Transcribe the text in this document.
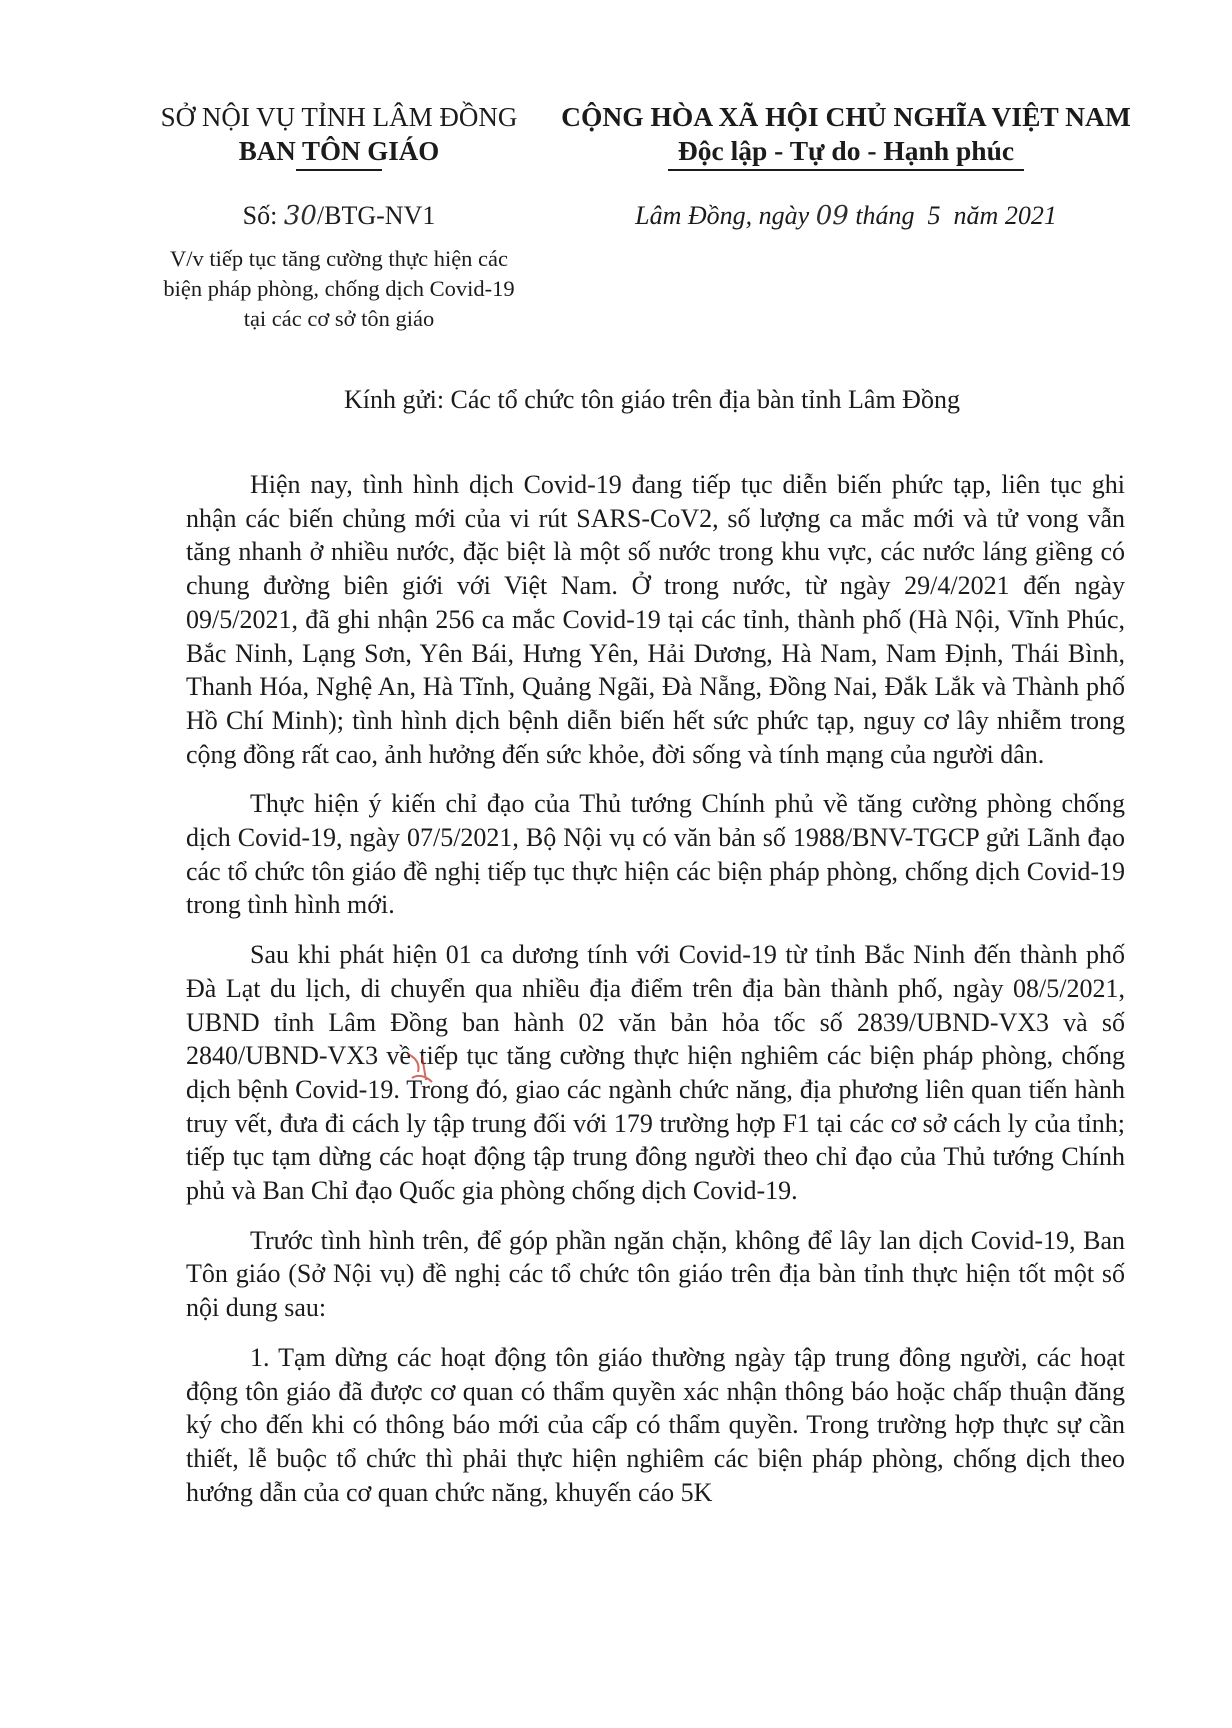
SỞ NỘI VỤ TỈNH LÂM ĐỒNG
BAN TÔN GIÁO
CỘNG HÒA XÃ HỘI CHỦ NGHĨA VIỆT NAM
Độc lập - Tự do - Hạnh phúc
Số: 30/BTG-NV1
V/v tiếp tục tăng cường thực hiện các
biện pháp phòng, chống dịch Covid-19
tại các cơ sở tôn giáo
Lâm Đồng, ngày 09 tháng 5 năm 2021
Kính gửi: Các tổ chức tôn giáo trên địa bàn tỉnh Lâm Đồng

Hiện nay, tình hình dịch Covid-19 đang tiếp tục diễn biến phức tạp, liên tục ghi nhận các biến chủng mới của vi rút SARS-CoV2, số lượng ca mắc mới và tử vong vẫn tăng nhanh ở nhiều nước, đặc biệt là một số nước trong khu vực, các nước láng giềng có chung đường biên giới với Việt Nam. Ở trong nước, từ ngày 29/4/2021 đến ngày 09/5/2021, đã ghi nhận 256 ca mắc Covid-19 tại các tỉnh, thành phố (Hà Nội, Vĩnh Phúc, Bắc Ninh, Lạng Sơn, Yên Bái, Hưng Yên, Hải Dương, Hà Nam, Nam Định, Thái Bình, Thanh Hóa, Nghệ An, Hà Tĩnh, Quảng Ngãi, Đà Nẵng, Đồng Nai, Đắk Lắk và Thành phố Hồ Chí Minh); tình hình dịch bệnh diễn biến hết sức phức tạp, nguy cơ lây nhiễm trong cộng đồng rất cao, ảnh hưởng đến sức khỏe, đời sống và tính mạng của người dân.

Thực hiện ý kiến chỉ đạo của Thủ tướng Chính phủ về tăng cường phòng chống dịch Covid-19, ngày 07/5/2021, Bộ Nội vụ có văn bản số 1988/BNV-TGCP gửi Lãnh đạo các tổ chức tôn giáo đề nghị tiếp tục thực hiện các biện pháp phòng, chống dịch Covid-19 trong tình hình mới.

Sau khi phát hiện 01 ca dương tính với Covid-19 từ tỉnh Bắc Ninh đến thành phố Đà Lạt du lịch, di chuyển qua nhiều địa điểm trên địa bàn thành phố, ngày 08/5/2021, UBND tỉnh Lâm Đồng ban hành 02 văn bản hỏa tốc số 2839/UBND-VX3 và số 2840/UBND-VX3 về tiếp tục tăng cường thực hiện nghiêm các biện pháp phòng, chống dịch bệnh Covid-19. Trong đó, giao các ngành chức năng, địa phương liên quan tiến hành truy vết, đưa đi cách ly tập trung đối với 179 trường hợp F1 tại các cơ sở cách ly của tỉnh; tiếp tục tạm dừng các hoạt động tập trung đông người theo chỉ đạo của Thủ tướng Chính phủ và Ban Chỉ đạo Quốc gia phòng chống dịch Covid-19.

Trước tình hình trên, để góp phần ngăn chặn, không để lây lan dịch Covid-19, Ban Tôn giáo (Sở Nội vụ) đề nghị các tổ chức tôn giáo trên địa bàn tỉnh thực hiện tốt một số nội dung sau:

1. Tạm dừng các hoạt động tôn giáo thường ngày tập trung đông người, các hoạt động tôn giáo đã được cơ quan có thẩm quyền xác nhận thông báo hoặc chấp thuận đăng ký cho đến khi có thông báo mới của cấp có thẩm quyền. Trong trường hợp thực sự cần thiết, lễ buộc tổ chức thì phải thực hiện nghiêm các biện pháp phòng, chống dịch theo hướng dẫn của cơ quan chức năng, khuyến cáo 5K
